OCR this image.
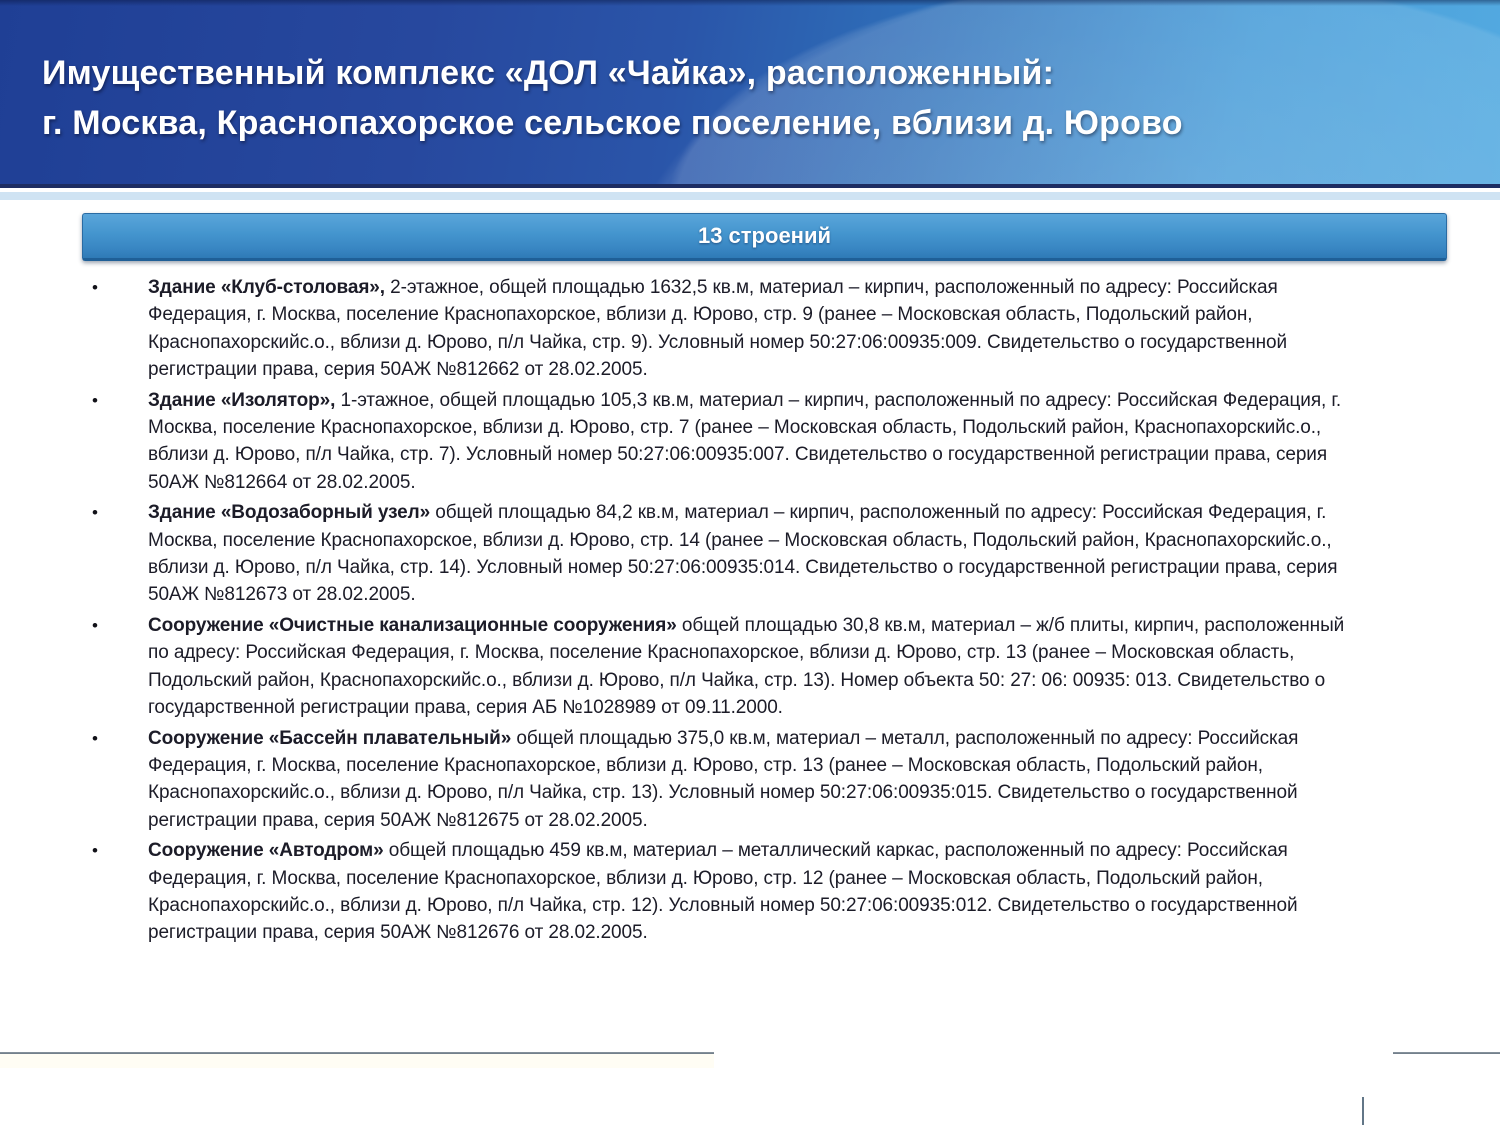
Имущественный комплекс «ДОЛ «Чайка», расположенный:
г. Москва, Краснопахорское сельское поселение, вблизи д. Юрово
13 строений
•	Здание «Клуб-столовая», 2-этажное, общей площадью 1632,5 кв.м, материал – кирпич, расположенный по адресу: Российская Федерация, г. Москва, поселение Краснопахорское, вблизи д. Юрово, стр. 9 (ранее – Московская область, Подольский район, Краснопахорскийс.о., вблизи д. Юрово, п/л Чайка, стр. 9). Условный номер 50:27:06:00935:009. Свидетельство о государственной регистрации права, серия 50АЖ №812662 от 28.02.2005.
•	Здание «Изолятор», 1-этажное, общей площадью 105,3 кв.м, материал – кирпич, расположенный по адресу: Российская Федерация, г. Москва, поселение Краснопахорское, вблизи д. Юрово, стр. 7 (ранее – Московская область, Подольский район, Краснопахорскийс.о., вблизи д. Юрово, п/л Чайка, стр. 7). Условный номер 50:27:06:00935:007. Свидетельство о государственной регистрации права, серия 50АЖ №812664 от 28.02.2005.
•	Здание «Водозаборный узел» общей площадью 84,2 кв.м, материал – кирпич, расположенный по адресу: Российская Федерация, г. Москва, поселение Краснопахорское, вблизи д. Юрово, стр. 14 (ранее – Московская область, Подольский район, Краснопахорскийс.о., вблизи д. Юрово, п/л Чайка, стр. 14). Условный номер 50:27:06:00935:014. Свидетельство о государственной регистрации права, серия 50АЖ №812673 от 28.02.2005.
•	Сооружение «Очистные канализационные сооружения» общей площадью 30,8 кв.м, материал – ж/б плиты, кирпич, расположенный по адресу: Российская Федерация, г. Москва, поселение Краснопахорское, вблизи д. Юрово, стр. 13 (ранее – Московская область, Подольский район, Краснопахорскийс.о., вблизи д. Юрово, п/л Чайка, стр. 13). Номер объекта 50: 27: 06: 00935: 013. Свидетельство о государственной регистрации права, серия АБ №1028989 от 09.11.2000.
•	Сооружение «Бассейн плавательный» общей площадью 375,0 кв.м, материал – металл, расположенный по адресу: Российская Федерация, г. Москва, поселение Краснопахорское, вблизи д. Юрово, стр. 13 (ранее – Московская область, Подольский район, Краснопахорскийс.о., вблизи д. Юрово, п/л Чайка, стр. 13). Условный номер 50:27:06:00935:015. Свидетельство о государственной регистрации права, серия 50АЖ №812675 от 28.02.2005.
•	Сооружение «Автодром» общей площадью 459 кв.м, материал – металлический каркас, расположенный по адресу: Российская Федерация, г. Москва, поселение Краснопахорское, вблизи д. Юрово, стр. 12 (ранее – Московская область, Подольский район, Краснопахорскийс.о., вблизи д. Юрово, п/л Чайка, стр. 12). Условный номер 50:27:06:00935:012. Свидетельство о государственной регистрации права, серия 50АЖ №812676 от 28.02.2005.
